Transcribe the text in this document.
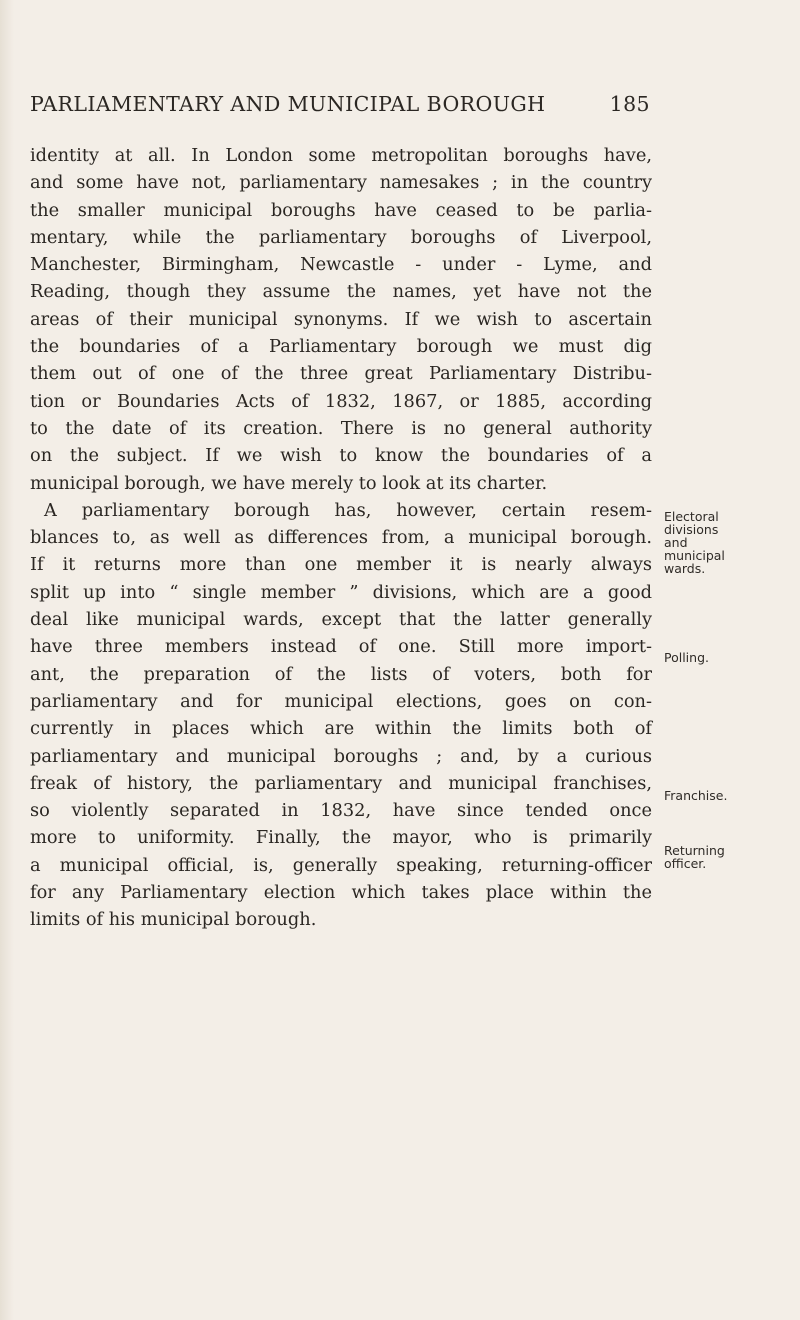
PARLIAMENTARY AND MUNICIPAL BOROUGH	185
identity at all. In London some metropolitan boroughs have,
and some have not, parliamentary namesakes ; in the country
the smaller municipal boroughs have ceased to be parlia-
mentary, while the parliamentary boroughs of Liverpool,
Manchester, Birmingham, Newcastle - under - Lyme, and
Reading, though they assume the names, yet have not the
areas of their municipal synonyms. If we wish to ascertain
the boundaries of a Parliamentary borough we must dig
them out of one of the three great Parliamentary Distribu-
tion or Boundaries Acts of 1832, 1867, or 1885, according
to the date of its creation. There is no general authority
on the subject. If we wish to know the boundaries of a
municipal borough, we have merely to look at its charter.
A parliamentary borough has, however, certain resem-
blances to, as well as differences from, a municipal borough.
If it returns more than one member it is nearly always
split up into “ single member ” divisions, which are a good
deal like municipal wards, except that the latter generally
have three members instead of one. Still more import-
ant, the preparation of the lists of voters, both for
parliamentary and for municipal elections, goes on con-
currently in places which are within the limits both of
parliamentary and municipal boroughs ; and, by a curious
freak of history, the parliamentary and municipal franchises,
so violently separated in 1832, have since tended once
more to uniformity. Finally, the mayor, who is primarily
a municipal official, is, generally speaking, returning-officer
for any Parliamentary election which takes place within the
limits of his municipal borough.
Electoral
divisions
and
municipal
wards.
Polling.
Franchise.
Returning
officer.
